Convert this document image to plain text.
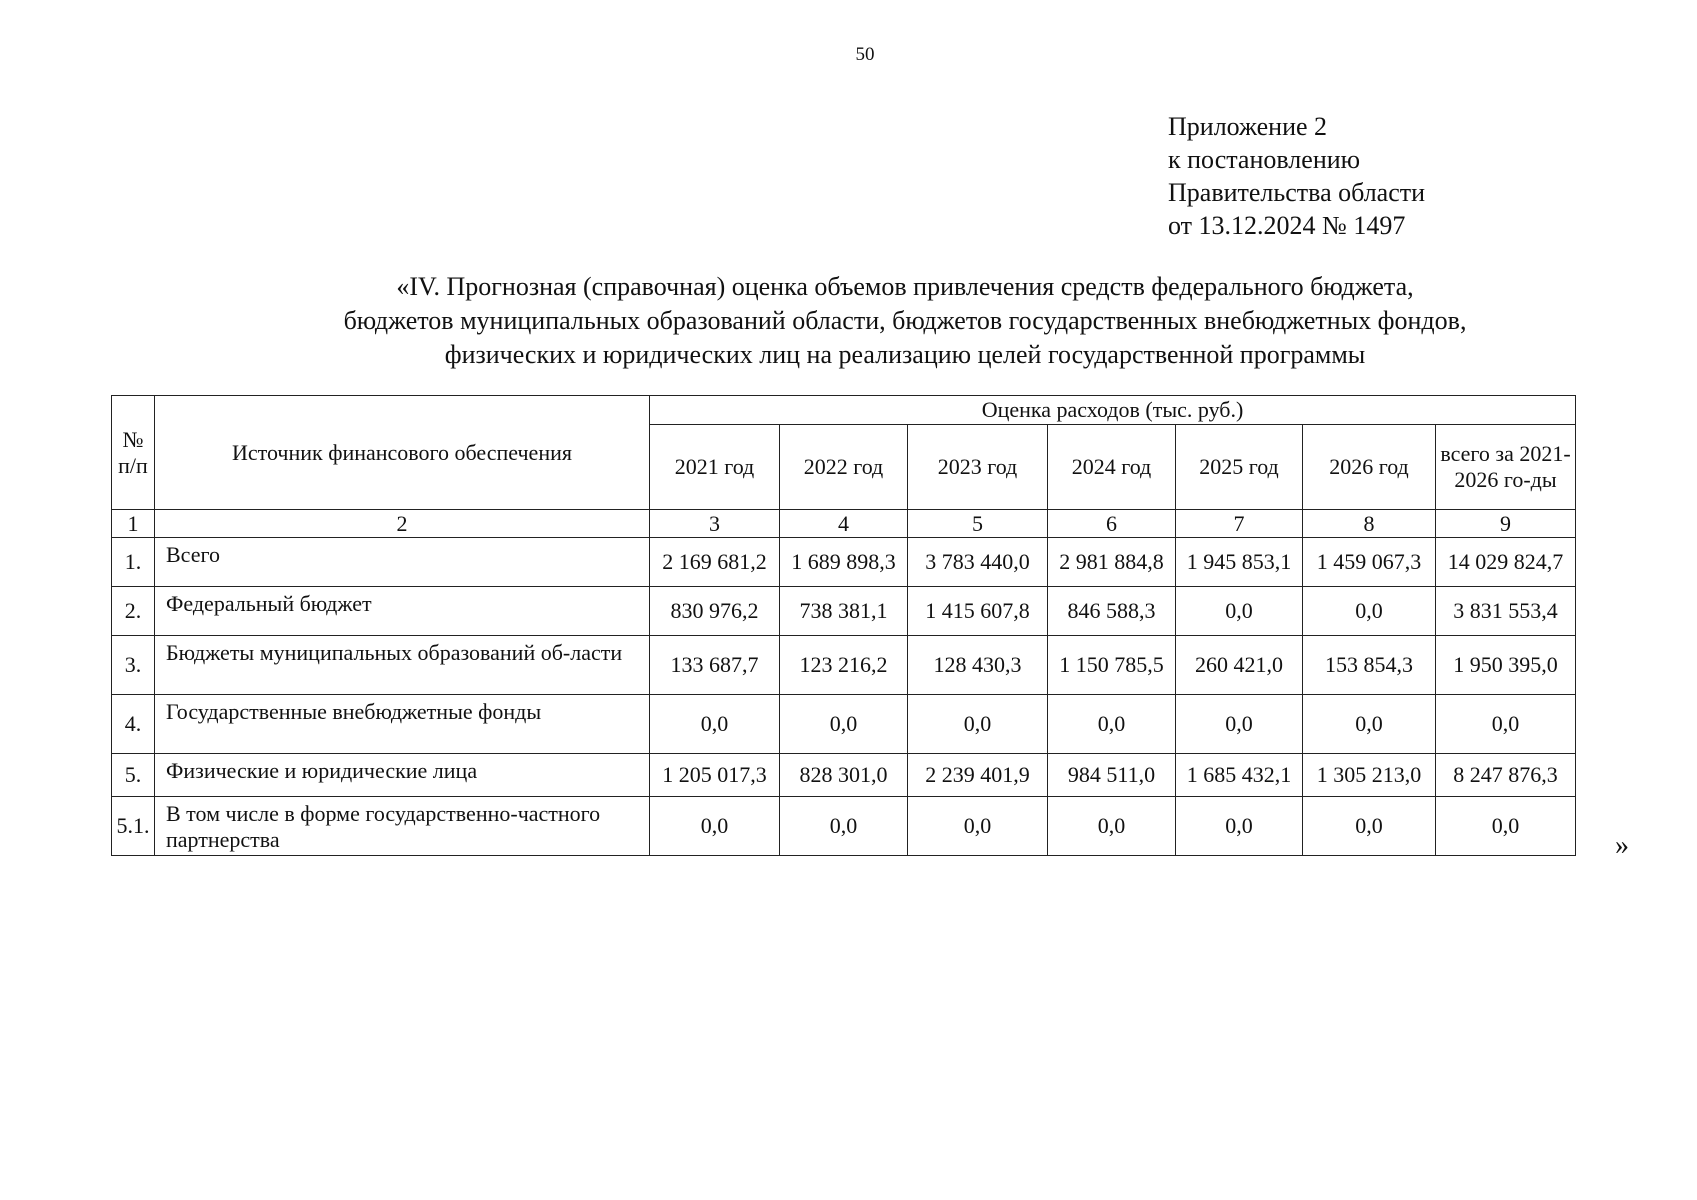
50
Приложение 2
к постановлению
Правительства области
от 13.12.2024 № 1497
«IV. Прогнозная (справочная) оценка объемов привлечения средств федерального бюджета,
бюджетов муниципальных образований области, бюджетов государственных внебюджетных фондов,
физических и юридических лиц на реализацию целей государственной программы
№ п/п	Источник финансового обеспечения	Оценка расходов (тыс. руб.)						
		2021 год	2022 год	2023 год	2024 год	2025 год	2026 год	всего за 2021-2026 го-ды
1	2	3	4	5	6	7	8	9
1.	Всего	2 169 681,2	1 689 898,3	3 783 440,0	2 981 884,8	1 945 853,1	1 459 067,3	14 029 824,7
2.	Федеральный бюджет	830 976,2	738 381,1	1 415 607,8	846 588,3	0,0	0,0	3 831 553,4
3.	Бюджеты муниципальных образований об-ласти	133 687,7	123 216,2	128 430,3	1 150 785,5	260 421,0	153 854,3	1 950 395,0
4.	Государственные внебюджетные фонды	0,0	0,0	0,0	0,0	0,0	0,0	0,0
5.	Физические и юридические лица	1 205 017,3	828 301,0	2 239 401,9	984 511,0	1 685 432,1	1 305 213,0	8 247 876,3
5.1.	В том числе в форме государственно-частного партнерства	0,0	0,0	0,0	0,0	0,0	0,0	0,0
»
